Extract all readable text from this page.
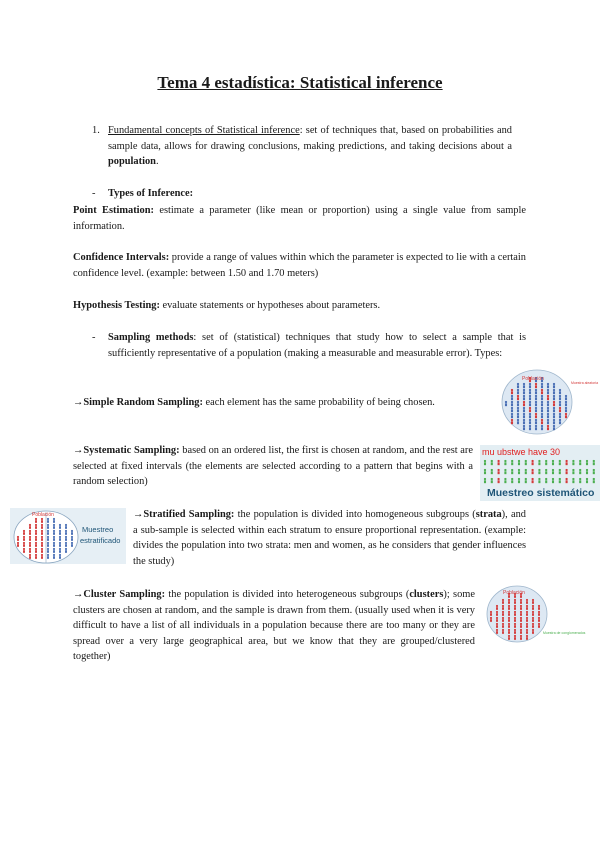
Tema 4 estadística: Statistical inference
1. Fundamental concepts of Statistical inference: set of techniques that, based on probabilities and sample data, allows for drawing conclusions, making predictions, and taking decisions about a population.
- Types of Inference:
Point Estimation: estimate a parameter (like mean or proportion) using a single value from sample information.
Confidence Intervals: provide a range of values within which the parameter is expected to lie with a certain confidence level. (example: between 1.50 and 1.70 meters)
Hypothesis Testing: evaluate statements or hypotheses about parameters.
- Sampling methods: set of (statistical) techniques that study how to select a sample that is sufficiently representative of a population (making a measurable and measurable error). Types:
→Simple Random Sampling: each element has the same probability of being chosen.
Población
Muestra aleatoria
→Systematic Sampling: based on an ordered list, the first is chosen at random, and the rest are selected at fixed intervals (the elements are selected according to a pattern that begins with a random selection)
mu ubstwe have 30
Muestreo sistemático
Población
Muestreo
estratificado
→Stratified Sampling: the population is divided into homogeneous subgroups (strata), and a sub-sample is selected within each stratum to ensure proportional representation. (example: divides the population into two strata: men and women, as he considers that gender influences the study)
→Cluster Sampling: the population is divided into heterogeneous subgroups (clusters); some clusters are chosen at random, and the sample is drawn from them. (usually used when it is very difficult to have a list of all individuals in a population because there are too many or they are spread over a very large geographical area, but we know that they are grouped/clustered together)
Población
Muestra de conglomerados
